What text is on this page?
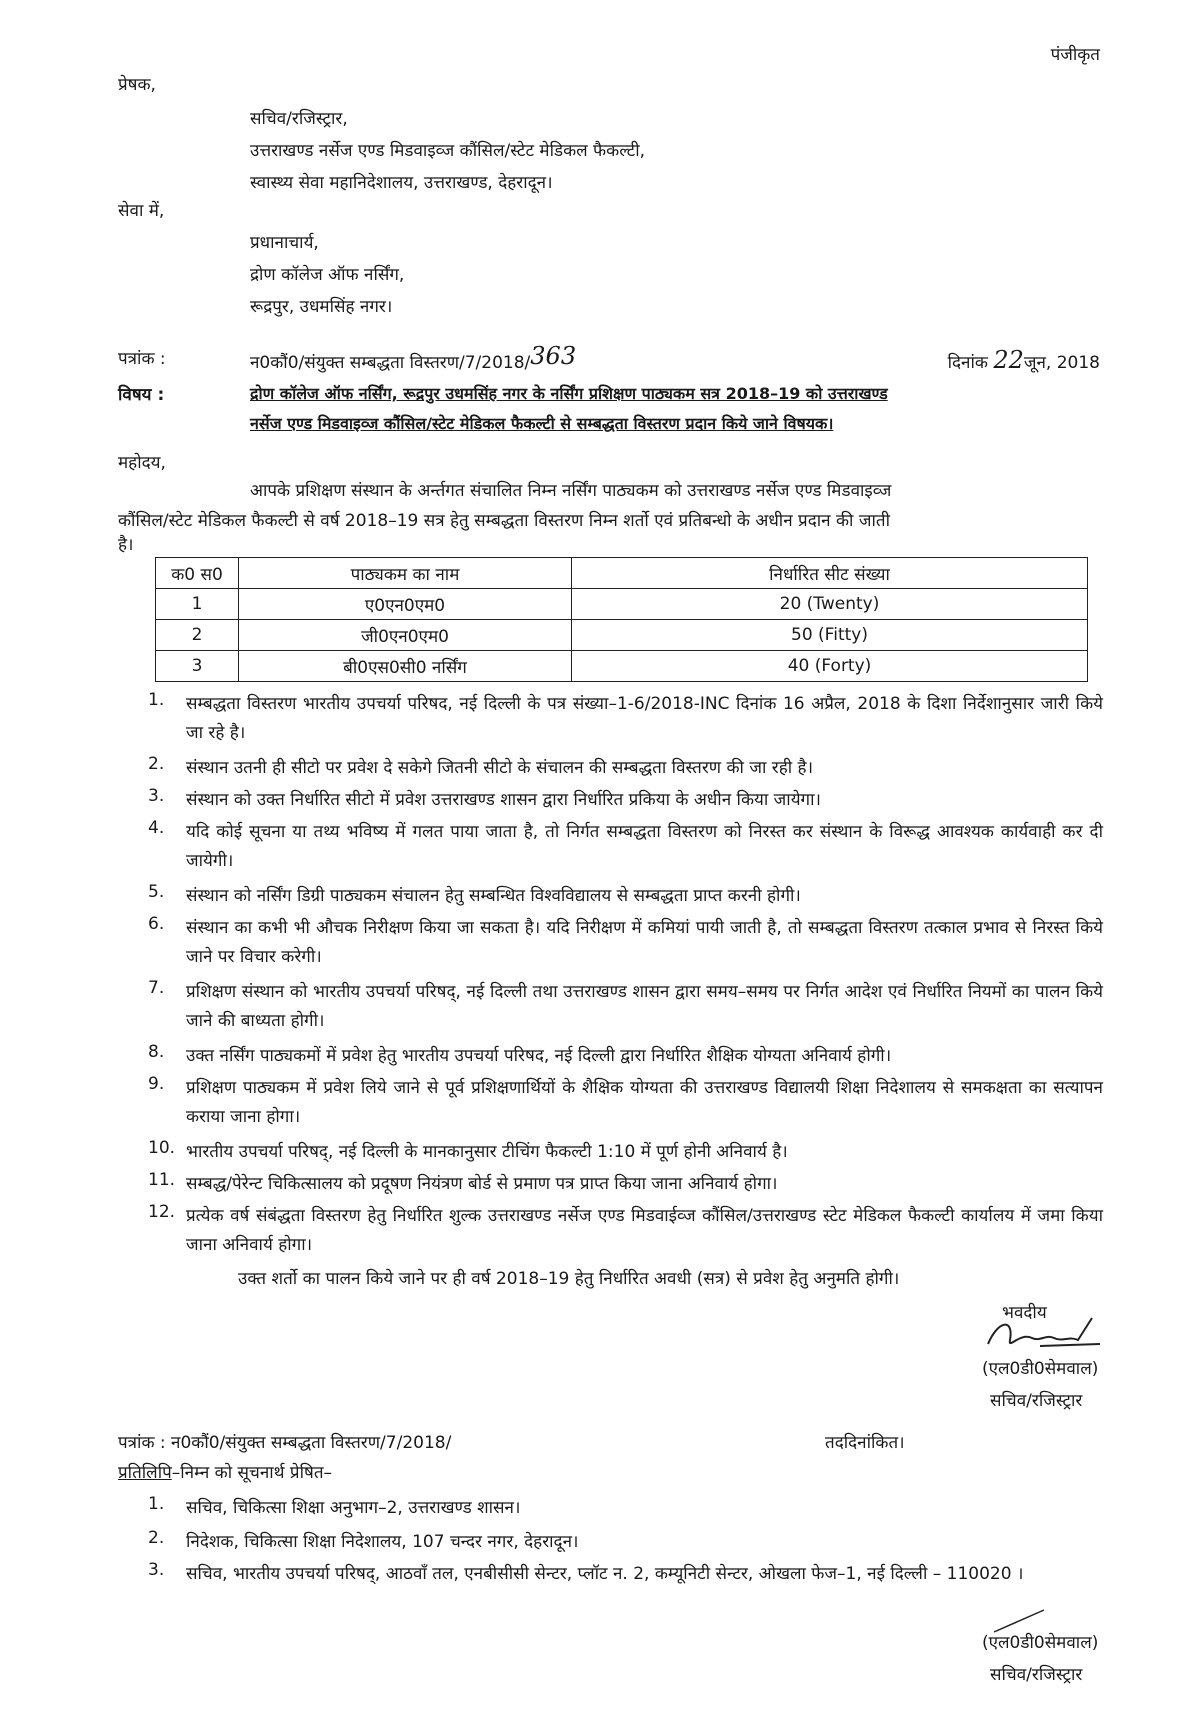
पंजीकृत
प्रेषक,
सचिव/रजिस्ट्रार,
उत्तराखण्ड नर्सेज एण्ड मिडवाइव्ज कौंसिल/स्टेट मेडिकल फैकल्टी,
स्वास्थ्य सेवा महानिदेशालय, उत्तराखण्ड, देहरादून।
सेवा में,
प्रधानाचार्य,
द्रोण कॉलेज ऑफ नर्सिंग,
रूद्रपुर, उधमसिंह नगर।
पत्रांक :	न0कौं0/संयुक्त सम्बद्धता विस्तरण/7/2018/363	दिनांक 22जून, 2018
विषय :	द्रोण कॉलेज ऑफ नर्सिंग, रूद्रपुर उधमसिंह नगर के नर्सिंग प्रशिक्षण पाठ्यकम सत्र 2018–19 को उत्तराखण्ड
नर्सेज एण्ड मिडवाइव्ज कौंसिल/स्टेट मेडिकल फैकल्टी से सम्बद्धता विस्तरण प्रदान किये जाने विषयक।
महोदय,
आपके प्रशिक्षण संस्थान के अर्न्तगत संचालित निम्न नर्सिंग पाठ्यकम को उत्तराखण्ड नर्सेज एण्ड मिडवाइव्ज
कौंसिल/स्टेट मेडिकल फैकल्टी से वर्ष 2018–19 सत्र हेतु सम्बद्धता विस्तरण निम्न शर्तो एवं प्रतिबन्धो के अधीन प्रदान की जाती
है।
क0 स0	पाठ्यकम का नाम	निर्धारित सीट संख्या
1	ए0एन0एम0	20 (Twenty)
2	जी0एन0एम0	50 (Fitty)
3	बी0एस0सी0 नर्सिंग	40 (Forty)
1.	सम्बद्धता विस्तरण भारतीय उपचर्या परिषद, नई दिल्ली के पत्र संख्या–1-6/2018-INC दिनांक 16 अप्रैल, 2018 के दिशा निर्देशानुसार जारी किये जा रहे है।
2.	संस्थान उतनी ही सीटो पर प्रवेश दे सकेगे जितनी सीटो के संचालन की सम्बद्धता विस्तरण की जा रही है।
3.	संस्थान को उक्त निर्धारित सीटो में प्रवेश उत्तराखण्ड शासन द्वारा निर्धारित प्रकिया के अधीन किया जायेगा।
4.	यदि कोई सूचना या तथ्य भविष्य में गलत पाया जाता है, तो निर्गत सम्बद्धता विस्तरण को निरस्त कर संस्थान के विरूद्ध आवश्यक कार्यवाही कर दी जायेगी।
5.	संस्थान को नर्सिंग डिग्री पाठ्यकम संचालन हेतु सम्बन्धित विश्वविद्यालय से सम्बद्धता प्राप्त करनी होगी।
6.	संस्थान का कभी भी औचक निरीक्षण किया जा सकता है। यदि निरीक्षण में कमियां पायी जाती है, तो सम्बद्धता विस्तरण तत्काल प्रभाव से निरस्त किये जाने पर विचार करेगी।
7.	प्रशिक्षण संस्थान को भारतीय उपचर्या परिषद्, नई दिल्ली तथा उत्तराखण्ड शासन द्वारा समय–समय पर निर्गत आदेश एवं निर्धारित नियमों का पालन किये जाने की बाध्यता होगी।
8.	उक्त नर्सिंग पाठ्यकमों में प्रवेश हेतु भारतीय उपचर्या परिषद, नई दिल्ली द्वारा निर्धारित शैक्षिक योग्यता अनिवार्य होगी।
9.	प्रशिक्षण पाठ्यकम में प्रवेश लिये जाने से पूर्व प्रशिक्षणार्थियों के शैक्षिक योग्यता की उत्तराखण्ड विद्यालयी शिक्षा निदेशालय से समकक्षता का सत्यापन कराया जाना होगा।
10. भारतीय उपचर्या परिषद्, नई दिल्ली के मानकानुसार टीचिंग फैकल्टी 1:10 में पूर्ण होनी अनिवार्य है।
11. सम्बद्ध/पेरेन्ट चिकित्सालय को प्रदूषण नियंत्रण बोर्ड से प्रमाण पत्र प्राप्त किया जाना अनिवार्य होगा।
12. प्रत्येक वर्ष संबंद्धता विस्तरण हेतु निर्धारित शुल्क उत्तराखण्ड नर्सेज एण्ड मिडवाईव्ज कौंसिल/उत्तराखण्ड स्टेट मेडिकल फैकल्टी कार्यालय में जमा किया जाना अनिवार्य होगा।
उक्त शर्तो का पालन किये जाने पर ही वर्ष 2018–19 हेतु निर्धारित अवधी (सत्र) से प्रवेश हेतु अनुमति होगी।
भवदीय
(एल0डी0सेमवाल)
सचिव/रजिस्ट्रार
पत्रांक : न0कौं0/संयुक्त सम्बद्धता विस्तरण/7/2018/	तददिनांकित।
प्रतिलिपि–निम्न को सूचनार्थ प्रेषित–
1.	सचिव, चिकित्सा शिक्षा अनुभाग–2, उत्तराखण्ड शासन।
2.	निदेशक, चिकित्सा शिक्षा निदेशालय, 107 चन्दर नगर, देहरादून।
3.	सचिव, भारतीय उपचर्या परिषद्, आठवॉं तल, एनबीसीसी सेन्टर, प्लॉट न. 2, कम्यूनिटी सेन्टर, ओखला फेज–1, नई दिल्ली – 110020 ।
(एल0डी0सेमवाल)
सचिव/रजिस्ट्रार
